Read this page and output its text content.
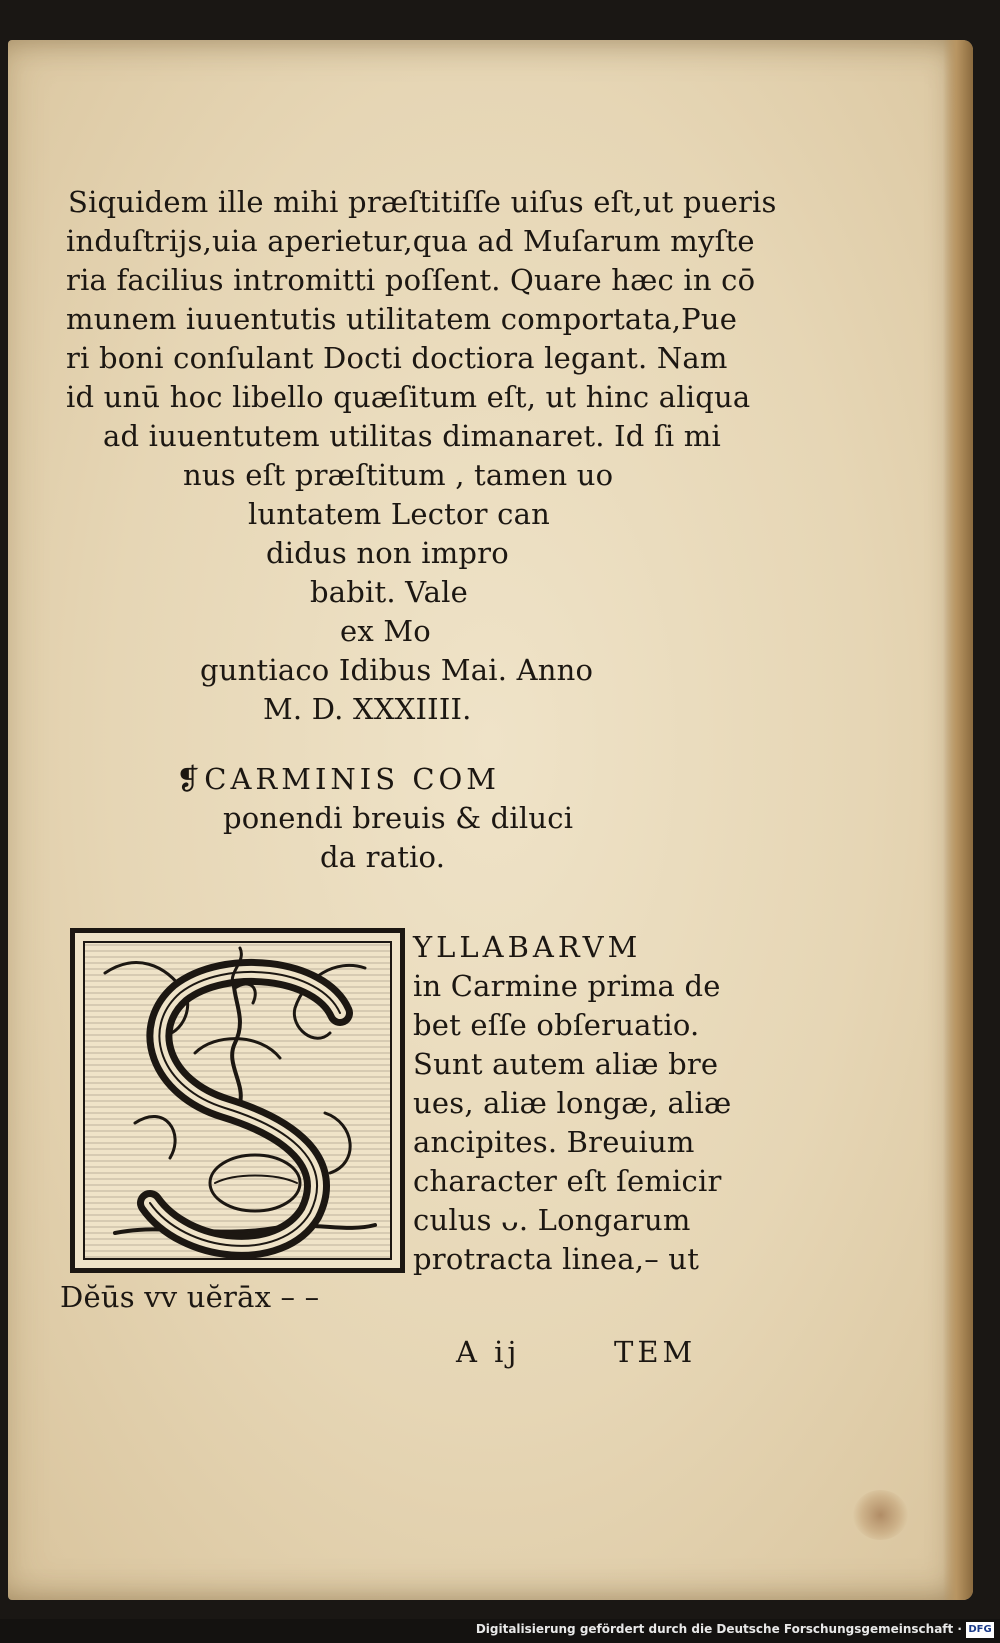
Siquidem ille mihi præſtitiſſe uiſus eſt,ut pueris
induſtrijs,uia aperietur,qua ad Muſarum myſte
ria facilius intromitti poſſent. Quare hæc in cō
munem iuuentutis utilitatem comportata,Pue
ri boni conſulant Docti doctiora legant. Nam
id unū hoc libello quæſitum eſt, ut hinc aliqua
ad iuuentutem utilitas dimanaret. Id ſi mi
nus eſt præſtitum , tamen uo
luntatem Lector can
didus non impro
babit. Vale
ex Mo
guntiaco Idibus Mai. Anno
M. D. XXXIIII.
❡CARMINIS COM
ponendi breuis & diluci
da ratio.
YLLABARVM
in Carmine prima de
bet eſſe obſeruatio.
Sunt autem aliæ bre
ues, aliæ longæ, aliæ
ancipites. Breuium
character eſt ſemicir
culus ᴗ. Longarum
protracta linea,– ut
Dĕūs vv uĕrāx – –
A ij	TEM
Digitalisierung gefördert durch die Deutsche Forschungsgemeinschaft · DFG
